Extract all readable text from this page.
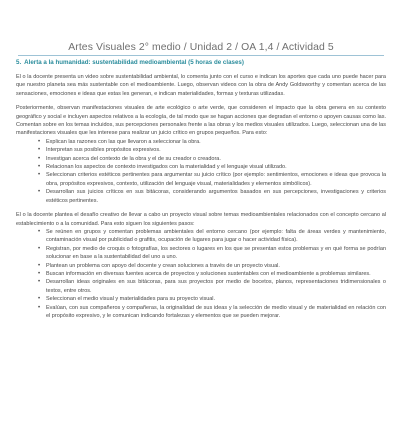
Artes Visuales 2° medio / Unidad 2 / OA 1,4 / Actividad 5
5. Alerta a la humanidad: sustentabilidad medioambiental (5 horas de clases)

El o la docente presenta un video sobre sustentabilidad ambiental, lo comenta junto con el curso e indican los aportes que cada uno puede hacer para que nuestro planeta sea más sustentable con el medioambiente. Luego, observan videos con la obra de Andy Goldsworthy y comentan acerca de las sensaciones, emociones e ideas que estas les generan, e indican materialidades, formas y texturas utilizadas.

Posteriormente, observan manifestaciones visuales de arte ecológico o arte verde, que consideren el impacto que la obra genera en su contexto geográfico y social e incluyen aspectos relativos a la ecología, de tal modo que se hagan acciones que degradan el entorno o apoyen causas como las. Comentan sobre en los temas incluidos, sus percepciones personales frente a las obras y los medios visuales utilizados. Luego, seleccionan una de las manifestaciones visuales que les interese para realizar un juicio crítico en grupos pequeños. Para esto:

• Explican las razones con las que llevaron a seleccionar la obra.
• Interpretan sus posibles propósitos expresivos.
• Investigan acerca del contexto de la obra y el de su creador o creadora.
• Relacionan los aspectos de contexto investigados con la materialidad y el lenguaje visual utilizado.
• Seleccionan criterios estéticos pertinentes para argumentar su juicio crítico (por ejemplo: sentimientos, emociones e ideas que provoca la obra, propósitos expresivos, contexto, utilización del lenguaje visual, materialidades y elementos simbólicos).
• Desarrollan sus juicios críticos en sus bitácoras, considerando argumentos basados en sus percepciones, investigaciones y criterios estéticos pertinentes.

El o la docente plantea el desafío creativo de llevar a cabo un proyecto visual sobre temas medioambientales relacionados con el concepto cercano al establecimiento o a la comunidad. Para esto siguen los siguientes pasos:

• Se reúnen en grupos y comentan problemas ambientales del entorno cercano (por ejemplo: falta de áreas verdes y mantenimiento, contaminación visual por publicidad o grafitis, ocupación de lugares para jugar o hacer actividad física).
• Registran, por medio de croquis o fotografías, los sectores o lugares en los que se presentan estos problemas y en qué forma se podrían solucionar en base a la sustentabilidad del uno a uno.
• Plantean un problema con apoyo del docente y crean soluciones a través de un proyecto visual.
• Buscan información en diversas fuentes acerca de proyectos y soluciones sustentables con el medioambiente a problemas similares.
• Desarrollan ideas originales en sus bitácoras, para sus proyectos por medio de bocetos, planos, representaciones tridimensionales o textos, entre otros.
• Seleccionan el medio visual y materialidades para su proyecto visual.
• Evalúan, con sus compañeros y compañeras, la originalidad de sus ideas y la selección de medio visual y de materialidad en relación con el propósito expresivo, y le comunican indicando fortalezas y elementos que se pueden mejorar.
